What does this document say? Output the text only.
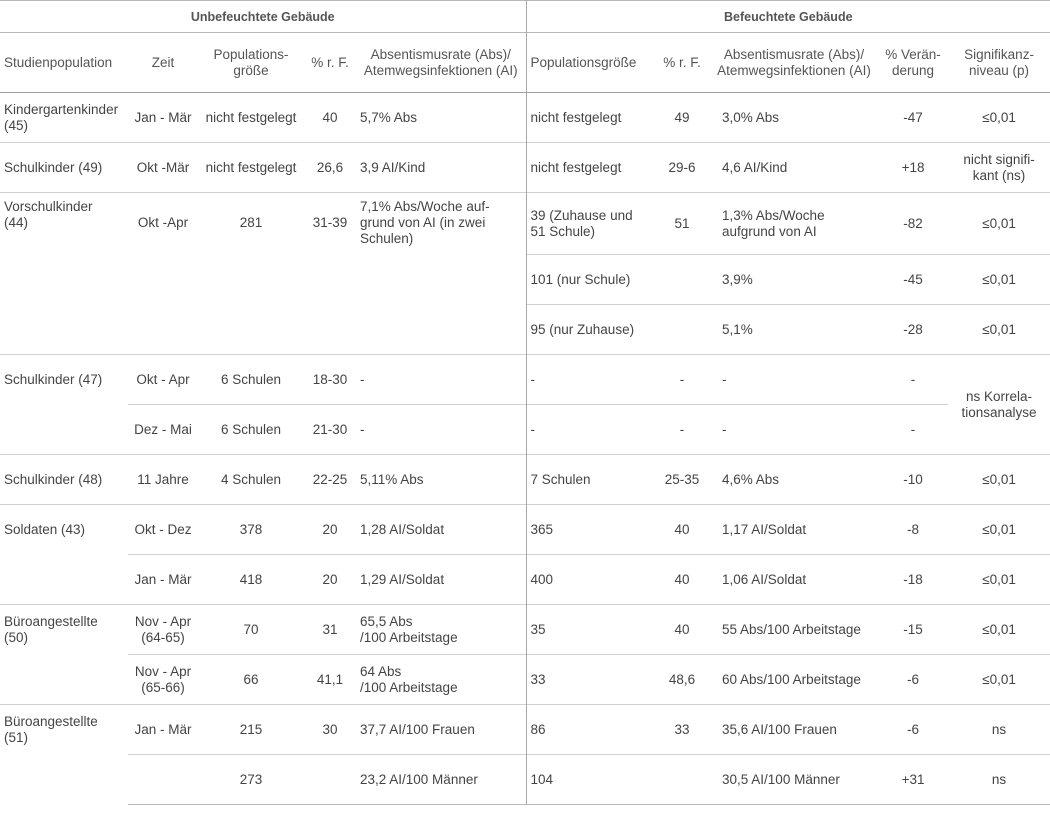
Unbefeuchtete Gebäude					Befeuchtete Gebäude				
Studienpopulation	Zeit	Populations-
größe	% r. F.	Absentismusrate (Abs)/
Atemwegsinfektionen (AI)	Populationsgröße	% r. F.	Absentismusrate (Abs)/
Atemwegsinfektionen (AI)	% Verän-
derung	Signifikanz-
niveau (p)
Kindergartenkinder
(45)	Jan - Mär	nicht festgelegt	40	5,7% Abs	nicht festgelegt	49	3,0% Abs	-47	≤0,01
Schulkinder (49)	Okt -Mär	nicht festgelegt	26,6	3,9 AI/Kind	nicht festgelegt	29-6	4,6 AI/Kind	+18	nicht signifi-
kant (ns)
Vorschulkinder
(44)	Okt -Apr	281	31-39	7,1% Abs/Woche auf-
grund von AI (in zwei
Schulen)	39 (Zuhause und
51 Schule)	51	1,3% Abs/Woche
aufgrund von AI	-82	≤0,01
					101 (nur Schule)		3,9%	-45	≤0,01
					95 (nur Zuhause)		5,1%	-28	≤0,01
Schulkinder (47)	Okt - Apr	6 Schulen	18-30	-	-	-	-	-	ns Korrela-
tionsanalyse
	Dez - Mai	6 Schulen	21-30	-	-	-	-	-	
Schulkinder (48)	11 Jahre	4 Schulen	22-25	5,11% Abs	7 Schulen	25-35	4,6% Abs	-10	≤0,01
Soldaten (43)	Okt - Dez	378	20	1,28 AI/Soldat	365	40	1,17 AI/Soldat	-8	≤0,01
	Jan - Mär	418	20	1,29 AI/Soldat	400	40	1,06 AI/Soldat	-18	≤0,01
Büroangestellte
(50)	Nov - Apr
(64-65)	70	31	65,5 Abs
/100 Arbeitstage	35	40	55 Abs/100 Arbeitstage	-15	≤0,01
	Nov - Apr
(65-66)	66	41,1	64 Abs
/100 Arbeitstage	33	48,6	60 Abs/100 Arbeitstage	-6	≤0,01
Büroangestellte
(51)	Jan - Mär	215	30	37,7 AI/100 Frauen	86	33	35,6 AI/100 Frauen	-6	ns
		273		23,2 AI/100 Männer	104		30,5 AI/100 Männer	+31	ns
